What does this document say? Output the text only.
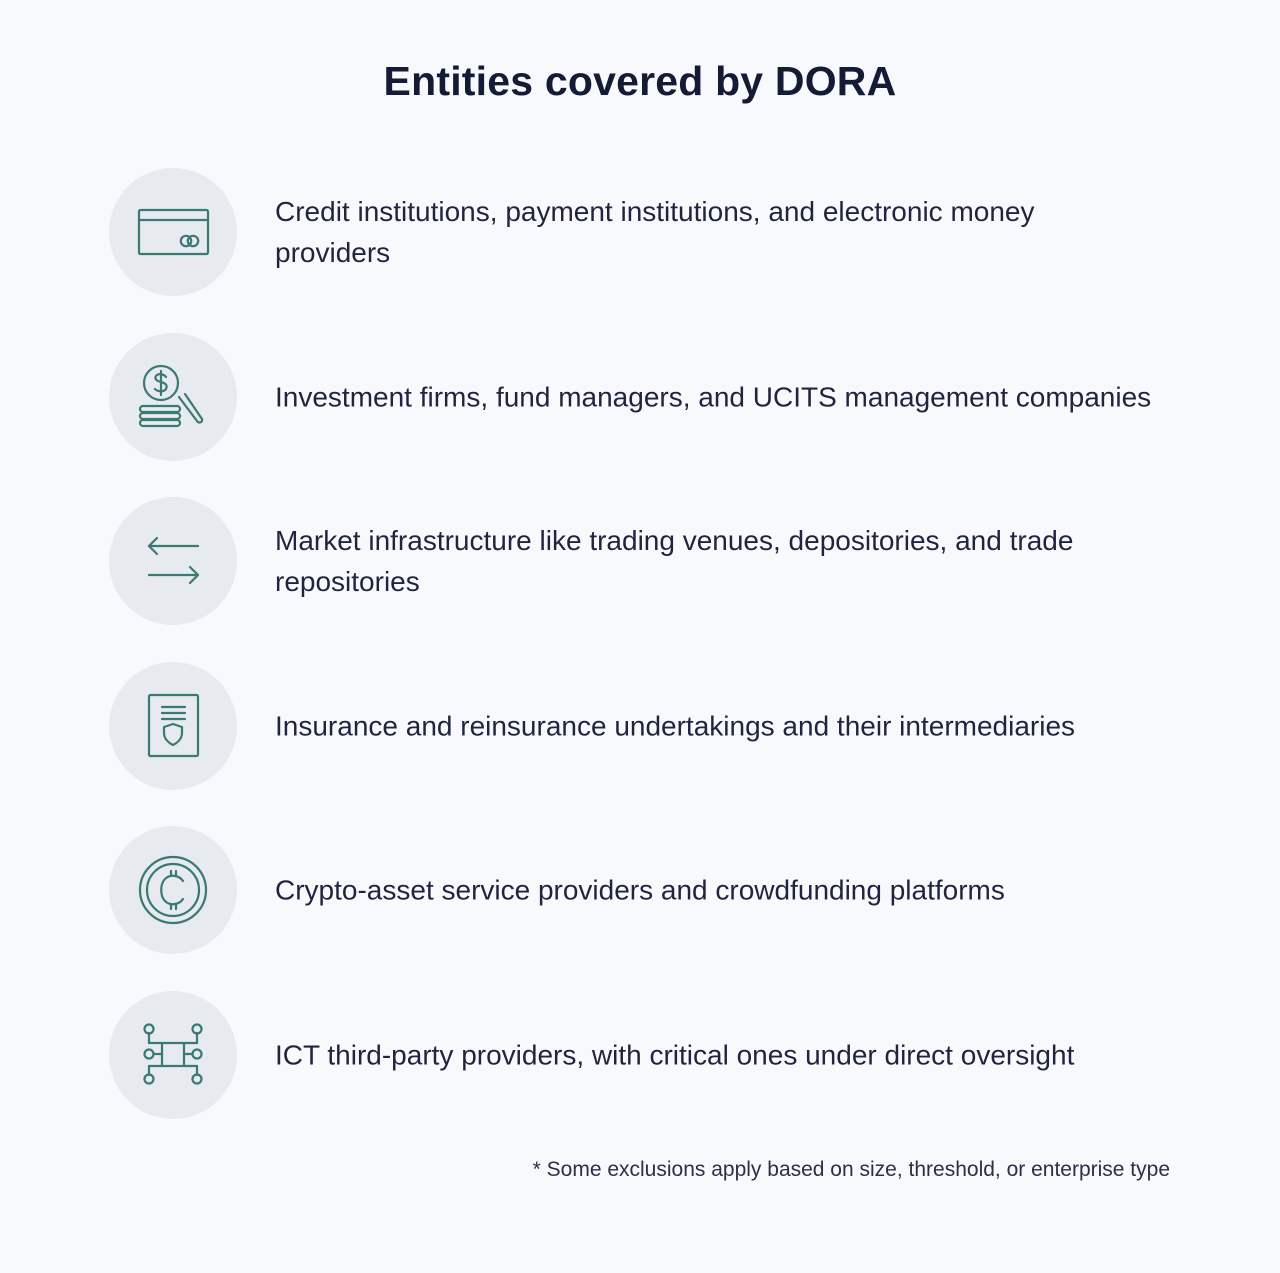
Entities covered by DORA

Credit institutions, payment institutions, and electronic money providers

Investment firms, fund managers, and UCITS management companies

Market infrastructure like trading venues, depositories, and trade repositories

Insurance and reinsurance undertakings and their intermediaries

Crypto-asset service providers and crowdfunding platforms

ICT third-party providers, with critical ones under direct oversight

* Some exclusions apply based on size, threshold, or enterprise type
